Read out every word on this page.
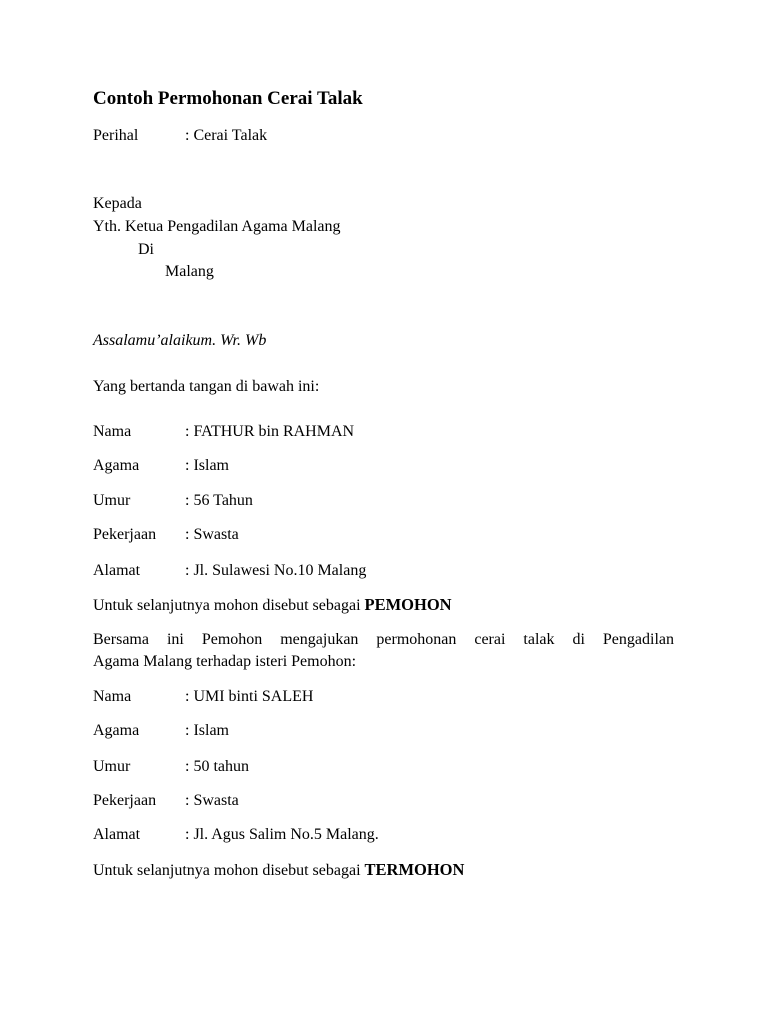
Contoh Permohonan Cerai Talak
Perihal	: Cerai Talak
Kepada
Yth. Ketua Pengadilan Agama Malang
Di
Malang
Assalamu’alaikum. Wr. Wb
Yang bertanda tangan di bawah ini:
Nama	: FATHUR bin RAHMAN
Agama	: Islam
Umur	: 56 Tahun
Pekerjaan : Swasta
Alamat	: Jl. Sulawesi No.10 Malang
Untuk selanjutnya mohon disebut sebagai PEMOHON
Bersama ini Pemohon mengajukan permohonan cerai talak di Pengadilan
Agama Malang terhadap isteri Pemohon:
Nama	: UMI binti SALEH
Agama	: Islam
Umur	: 50 tahun
Pekerjaan : Swasta
Alamat	: Jl. Agus Salim No.5 Malang.
Untuk selanjutnya mohon disebut sebagai TERMOHON
